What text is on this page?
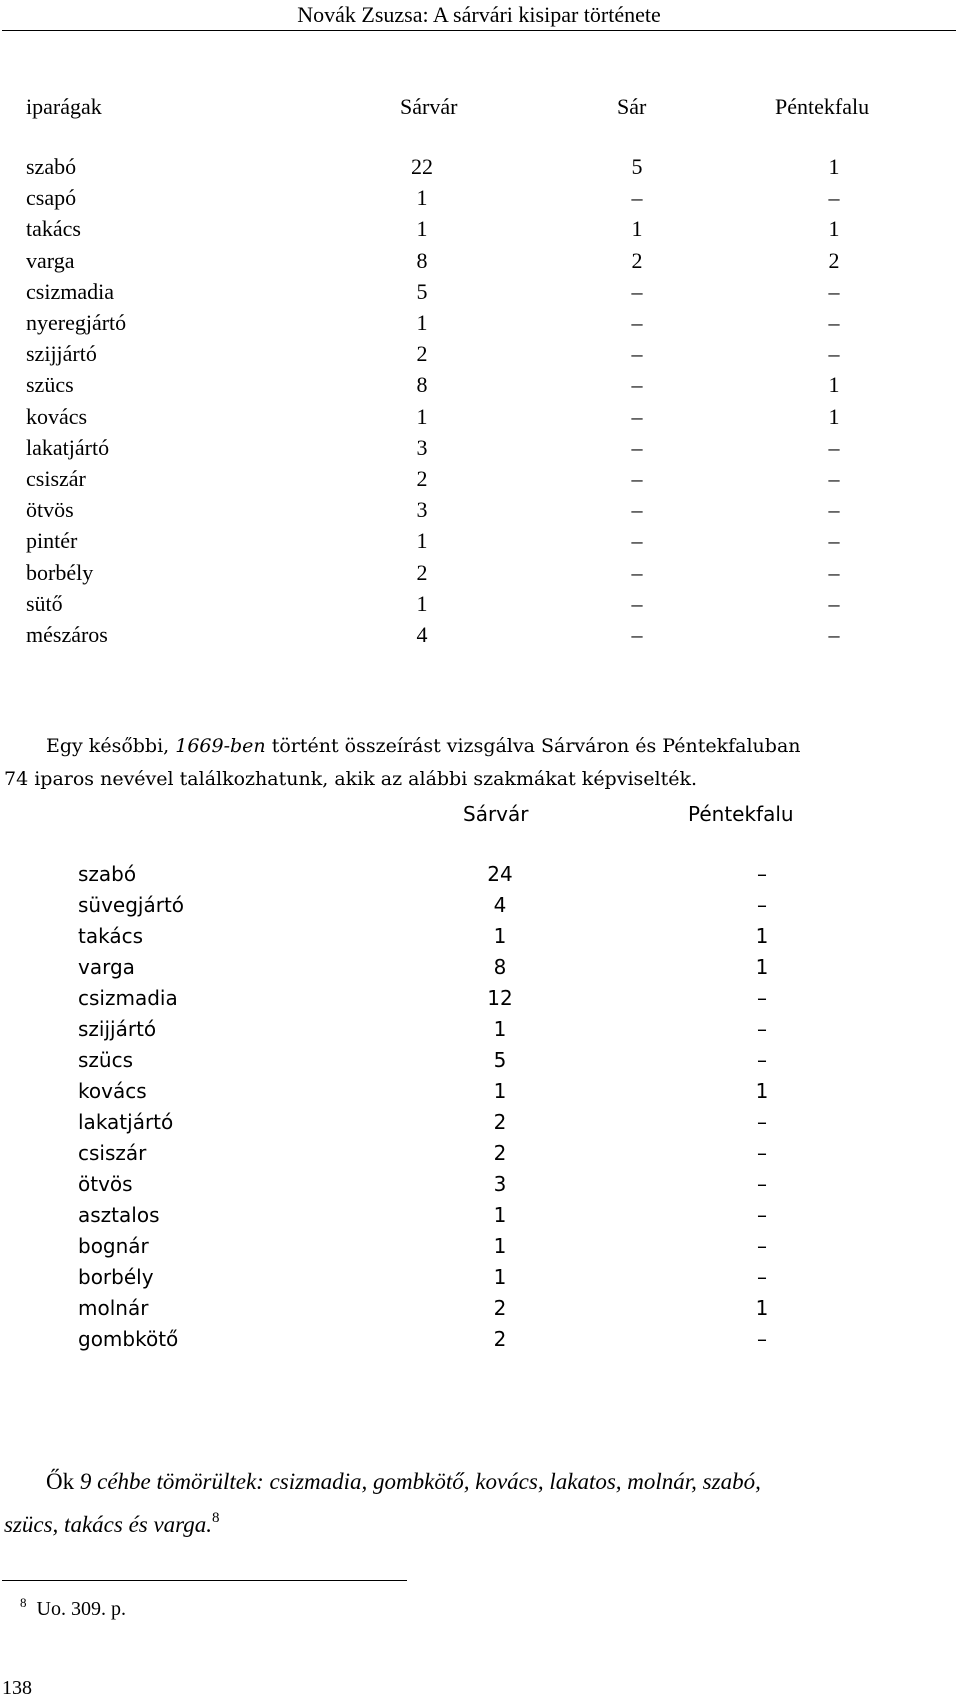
Novák Zsuzsa: A sárvári kisipar története
iparágak	Sárvár	Sár	Péntekfalu
szabó	22	5	1
csapó	1	–	–
takács	1	1	1
varga	8	2	2
csizmadia	5	–	–
nyeregjártó	1	–	–
szijjártó	2	–	–
szücs	8	–	1
kovács	1	–	1
lakatjártó	3	–	–
csiszár	2	–	–
ötvös	3	–	–
pintér	1	–	–
borbély	2	–	–
sütő	1	–	–
mészáros	4	–	–
Egy későbbi, 1669-ben történt összeírást vizsgálva Sárváron és Péntekfaluban
74 iparos nevével találkozhatunk, akik az alábbi szakmákat képviselték.
Sárvár	Péntekfalu
szabó	24	–
süvegjártó	4	–
takács	1	1
varga	8	1
csizmadia	12	–
szijjártó	1	–
szücs	5	–
kovács	1	1
lakatjártó	2	–
csiszár	2	–
ötvös	3	–
asztalos	1	–
bognár	1	–
borbély	1	–
molnár	2	1
gombkötő	2	–
Ők 9 céhbe tömörültek: csizmadia, gombkötő, kovács, lakatos, molnár, szabó,
szücs, takács és varga.$^8$
$^8$ Uo. 309. p.
138
